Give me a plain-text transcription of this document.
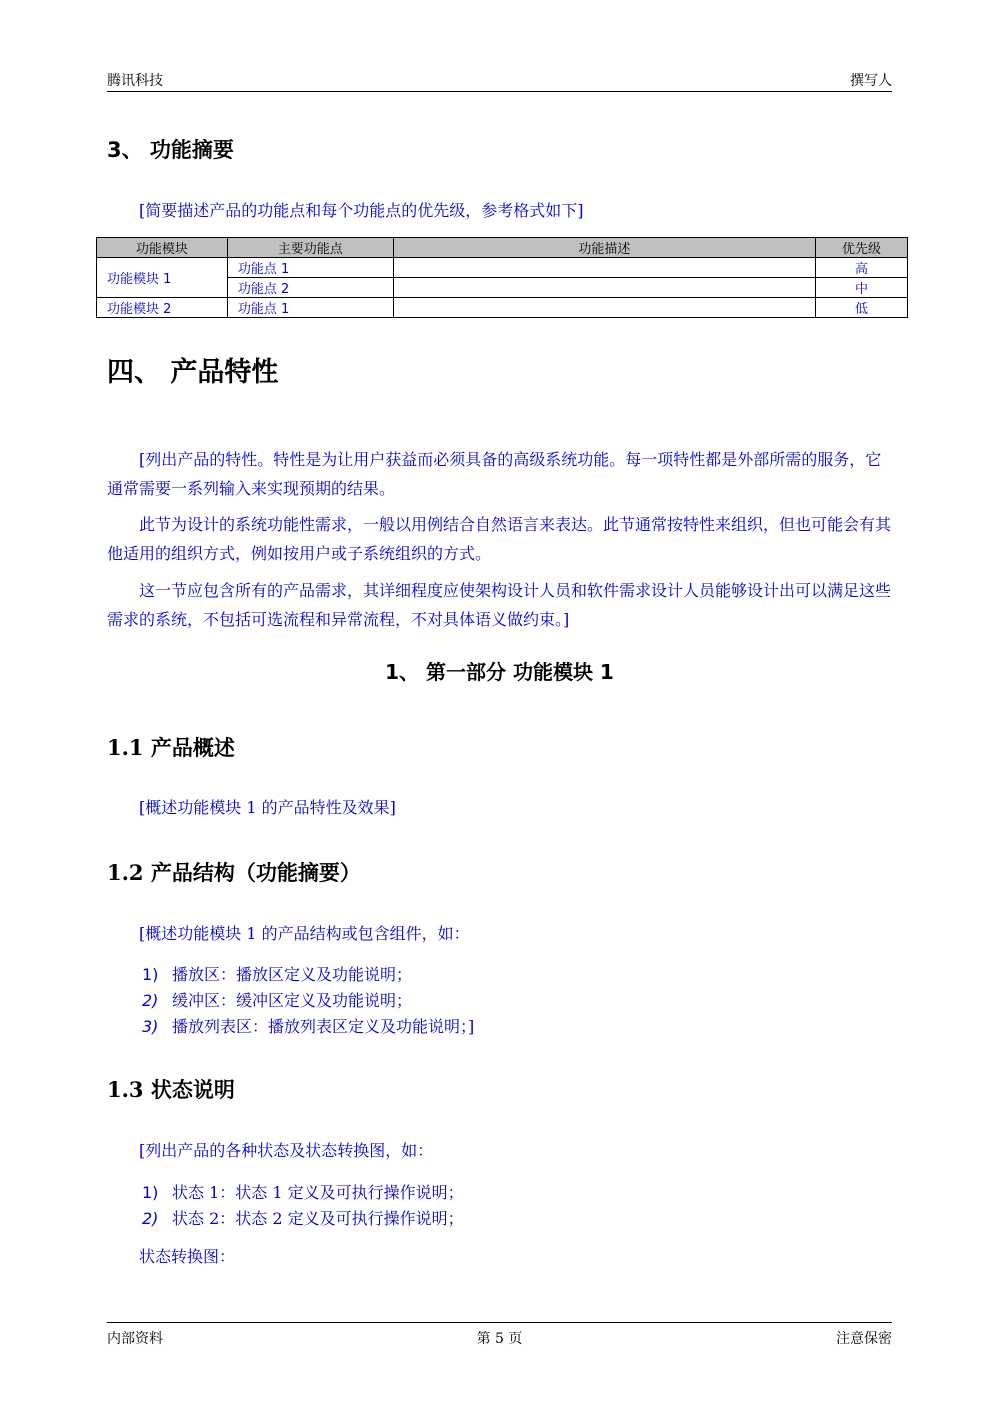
腾讯科技	撰写人
3、 功能摘要
[简要描述产品的功能点和每个功能点的优先级，参考格式如下]
功能模块	主要功能点	功能描述	优先级
功能模块 1	功能点 1		高
	功能点 2		中
功能模块 2	功能点 1		低
四、 产品特性
[列出产品的特性。特性是为让用户获益而必须具备的高级系统功能。每一项特性都是外部所需的服务，它通常需要一系列输入来实现预期的结果。
此节为设计的系统功能性需求，一般以用例结合自然语言来表达。此节通常按特性来组织，但也可能会有其他适用的组织方式，例如按用户或子系统组织的方式。
这一节应包含所有的产品需求，其详细程度应使架构设计人员和软件需求设计人员能够设计出可以满足这些需求的系统，不包括可选流程和异常流程，不对具体语义做约束。]
1、 第一部分 功能模块 1
1.1 产品概述
[概述功能模块 1 的产品特性及效果]
1.2 产品结构（功能摘要）
[概述功能模块 1 的产品结构或包含组件，如：
1) 播放区：播放区定义及功能说明；
2) 缓冲区：缓冲区定义及功能说明；
3) 播放列表区：播放列表区定义及功能说明；]
1.3 状态说明
[列出产品的各种状态及状态转换图，如：
1) 状态 1：状态 1 定义及可执行操作说明；
2) 状态 2：状态 2 定义及可执行操作说明；
状态转换图：
内部资料	第 5 页	注意保密
